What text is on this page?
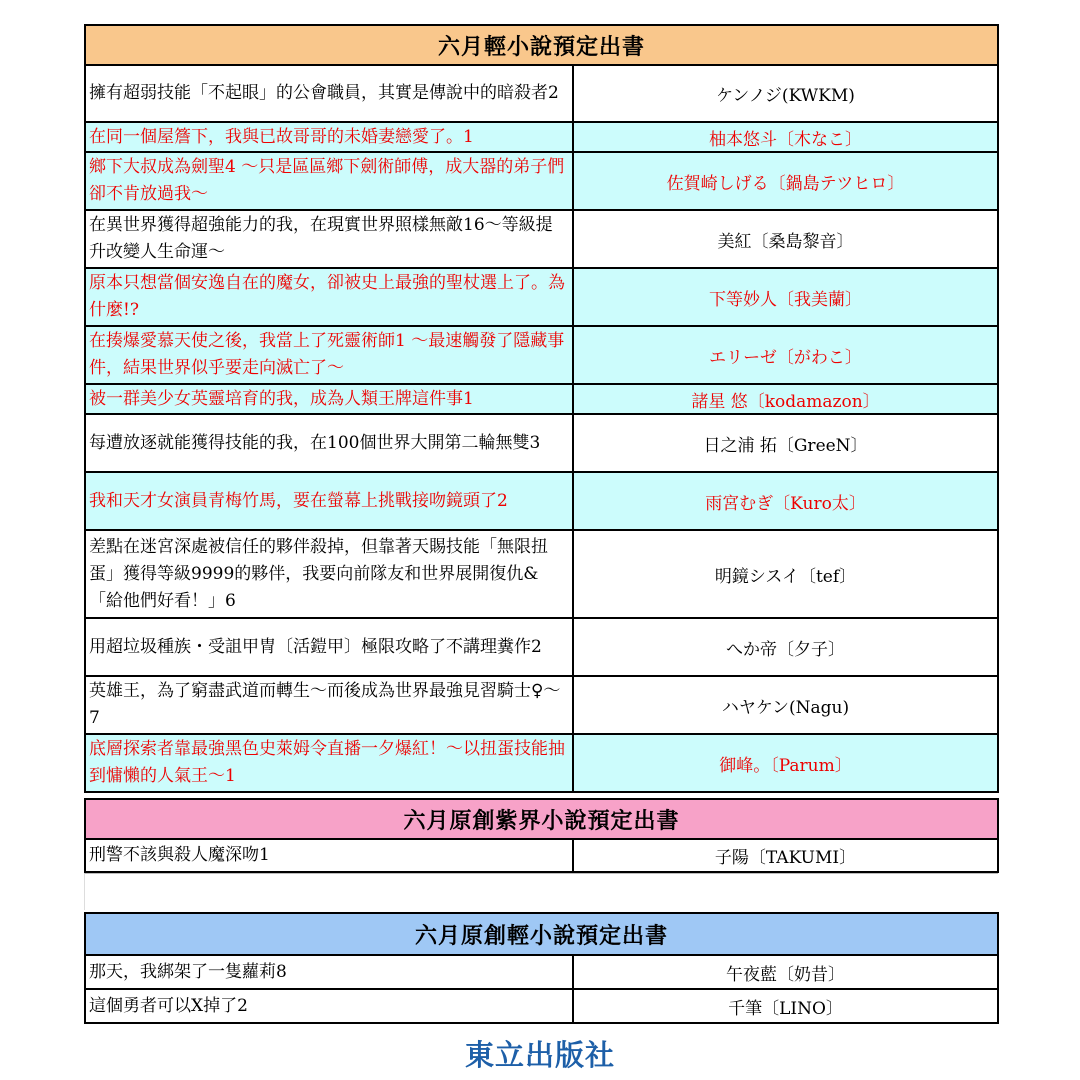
六月輕小說預定出書	
擁有超弱技能「不起眼」的公會職員，其實是傳說中的暗殺者2	ケンノジ(KWKM)
在同一個屋簷下，我與已故哥哥的未婚妻戀愛了。1	柚本悠斗〔木なこ〕
鄉下大叔成為劍聖4 ～只是區區鄉下劍術師傅，成大器的弟子們卻不肯放過我～	佐賀崎しげる〔鍋島テツヒロ〕
在異世界獲得超強能力的我，在現實世界照樣無敵16～等級提升改變人生命運～	美紅〔桑島黎音〕
原本只想當個安逸自在的魔女，卻被史上最強的聖杖選上了。為什麼!?	下等妙人〔我美蘭〕
在揍爆愛慕天使之後，我當上了死靈術師1 ～最速觸發了隱藏事件，結果世界似乎要走向滅亡了～	エリーゼ〔がわこ〕
被一群美少女英靈培育的我，成為人類王牌這件事1	諸星 悠〔kodamazon〕
每遭放逐就能獲得技能的我，在100個世界大開第二輪無雙3	日之浦 拓〔GreeN〕
我和天才女演員青梅竹馬，要在螢幕上挑戰接吻鏡頭了2	雨宮むぎ〔Kuro太〕
差點在迷宮深處被信任的夥伴殺掉，但靠著天賜技能「無限扭蛋」獲得等級9999的夥伴，我要向前隊友和世界展開復仇&「給他們好看！」6	明鏡シスイ〔tef〕
用超垃圾種族・受詛甲冑〔活鎧甲〕極限攻略了不講理糞作2	へか帝〔夕子〕
英雄王，為了窮盡武道而轉生～而後成為世界最強見習騎士♀～7	ハヤケン(Nagu)
底層探索者靠最強黑色史萊姆令直播一夕爆紅！～以扭蛋技能抽到慵懶的人氣王～1	御峰。〔Parum〕
六月原創紫界小說預定出書
刑警不該與殺人魔深吻1	子陽〔TAKUMI〕
六月原創輕小說預定出書	
那天，我綁架了一隻蘿莉8	午夜藍〔奶昔〕
這個勇者可以X掉了2	千筆〔LINO〕
東立出版社
